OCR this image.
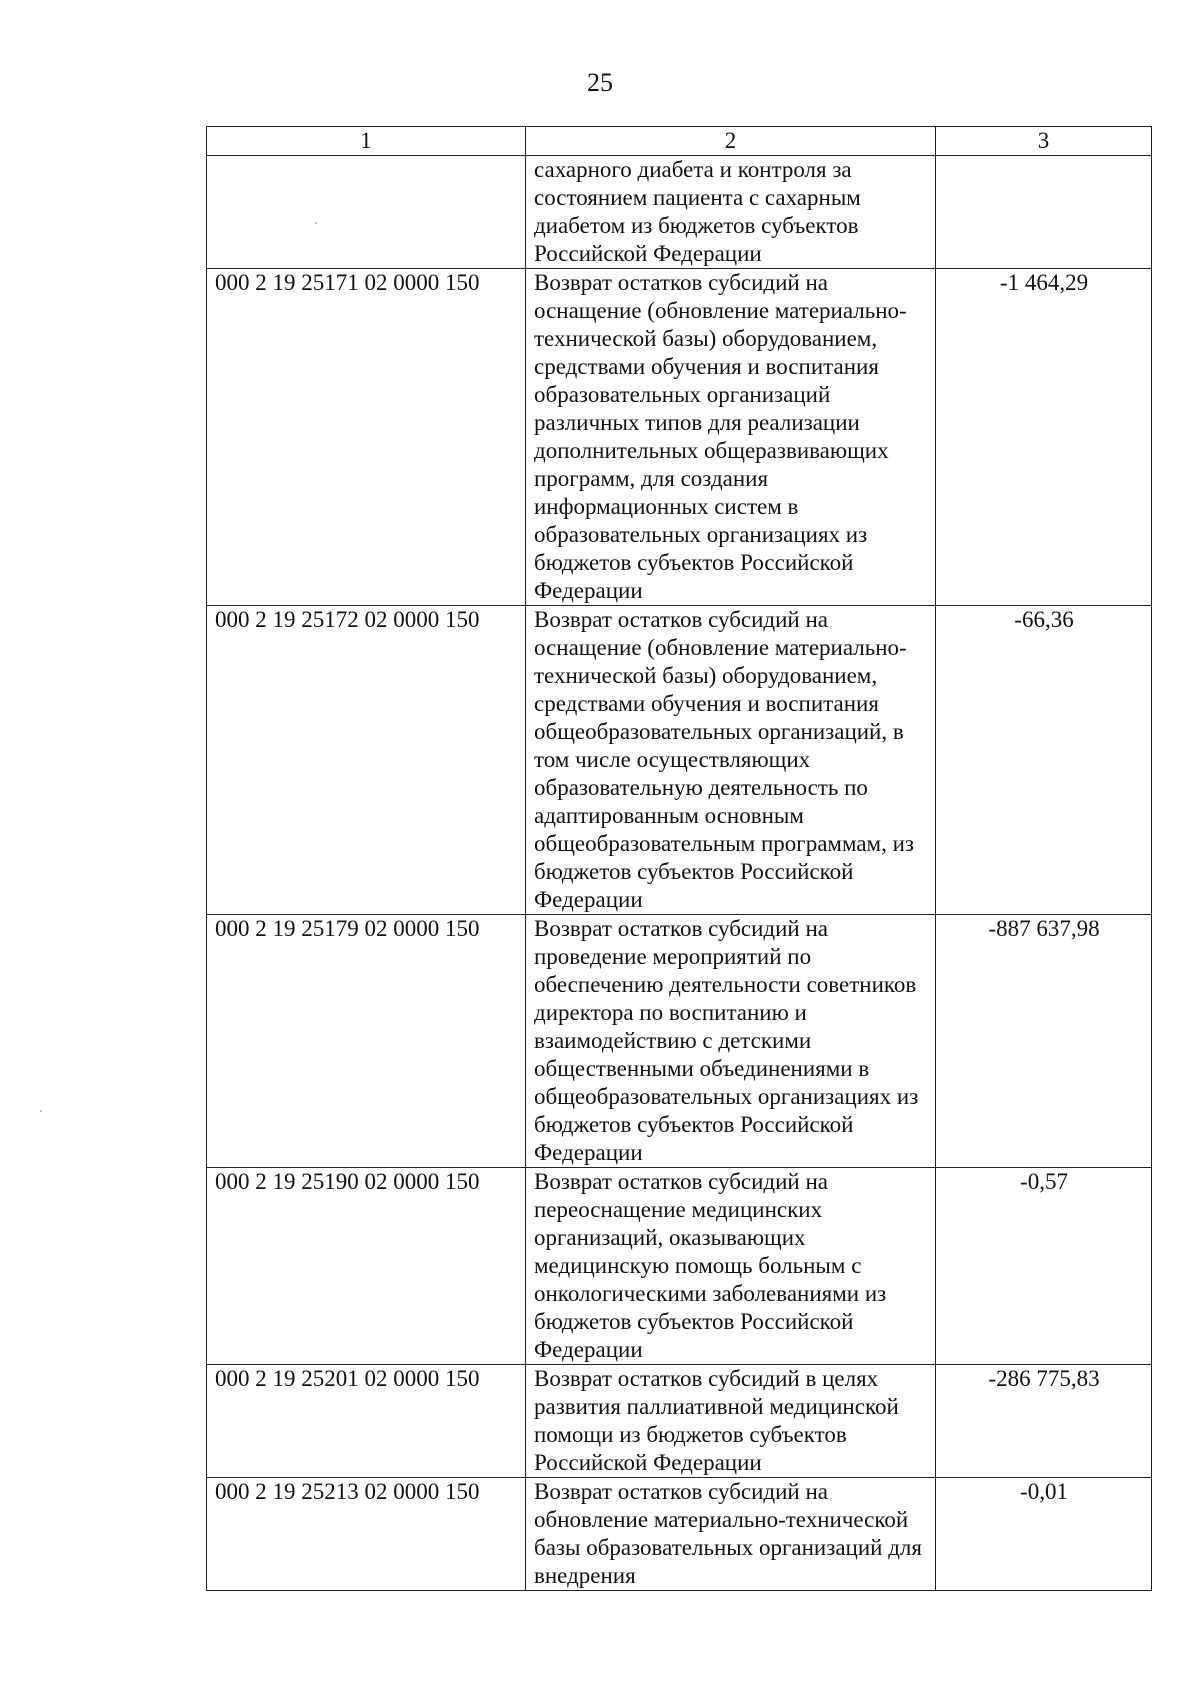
25
1	2	3
	сахарного диабета и контроля за состоянием пациента с сахарным диабетом из бюджетов субъектов Российской Федерации	
000 2 19 25171 02 0000 150	Возврат остатков субсидий на оснащение (обновление материально-технической базы) оборудованием, средствами обучения и воспитания образовательных организаций различных типов для реализации дополнительных общеразвивающих программ, для создания информационных систем в образовательных организациях из бюджетов субъектов Российской Федерации	-1 464,29
000 2 19 25172 02 0000 150	Возврат остатков субсидий на оснащение (обновление материально-технической базы) оборудованием, средствами обучения и воспитания общеобразовательных организаций, в том числе осуществляющих образовательную деятельность по адаптированным основным общеобразовательным программам, из бюджетов субъектов Российской Федерации	-66,36
000 2 19 25179 02 0000 150	Возврат остатков субсидий на проведение мероприятий по обеспечению деятельности советников директора по воспитанию и взаимодействию с детскими общественными объединениями в общеобразовательных организациях из бюджетов субъектов Российской Федерации	-887 637,98
000 2 19 25190 02 0000 150	Возврат остатков субсидий на переоснащение медицинских организаций, оказывающих медицинскую помощь больным с онкологическими заболеваниями из бюджетов субъектов Российской Федерации	-0,57
000 2 19 25201 02 0000 150	Возврат остатков субсидий в целях развития паллиативной медицинской помощи из бюджетов субъектов Российской Федерации	-286 775,83
000 2 19 25213 02 0000 150	Возврат остатков субсидий на обновление материально-технической базы образовательных организаций для внедрения	-0,01
